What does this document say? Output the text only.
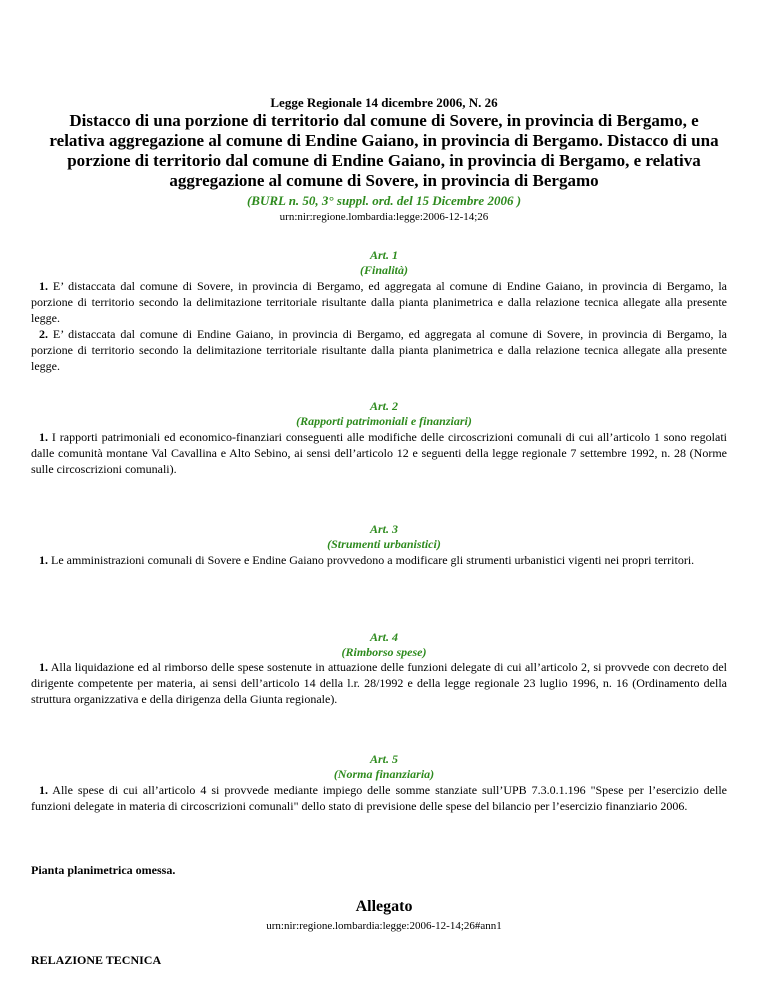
Legge Regionale 14 dicembre 2006, N. 26
Distacco di una porzione di territorio dal comune di Sovere, in provincia di Bergamo, e relativa aggregazione al comune di Endine Gaiano, in provincia di Bergamo. Distacco di una porzione di territorio dal comune di Endine Gaiano, in provincia di Bergamo, e relativa aggregazione al comune di Sovere, in provincia di Bergamo
(BURL n. 50, 3° suppl. ord. del 15 Dicembre 2006 )
urn:nir:regione.lombardia:legge:2006-12-14;26
Art. 1
(Finalità)

1. E’ distaccata dal comune di Sovere, in provincia di Bergamo, ed aggregata al comune di Endine Gaiano, in provincia di Bergamo, la porzione di territorio secondo la delimitazione territoriale risultante dalla pianta planimetrica e dalla relazione tecnica allegate alla presente legge.

2. E’ distaccata dal comune di Endine Gaiano, in provincia di Bergamo, ed aggregata al comune di Sovere, in provincia di Bergamo, la porzione di territorio secondo la delimitazione territoriale risultante dalla pianta planimetrica e dalla relazione tecnica allegate alla presente legge.

Art. 2
(Rapporti patrimoniali e finanziari)

1. I rapporti patrimoniali ed economico-finanziari conseguenti alle modifiche delle circoscrizioni comunali di cui all’articolo 1 sono regolati dalle comunità montane Val Cavallina e Alto Sebino, ai sensi dell’articolo 12 e seguenti della legge regionale 7 settembre 1992, n. 28 (Norme sulle circoscrizioni comunali).

Art. 3
(Strumenti urbanistici)

1. Le amministrazioni comunali di Sovere e Endine Gaiano provvedono a modificare gli strumenti urbanistici vigenti nei propri territori.

Art. 4
(Rimborso spese)

1. Alla liquidazione ed al rimborso delle spese sostenute in attuazione delle funzioni delegate di cui all’articolo 2, si provvede con decreto del dirigente competente per materia, ai sensi dell’articolo 14 della l.r. 28/1992 e della legge regionale 23 luglio 1996, n. 16 (Ordinamento della struttura organizzativa e della dirigenza della Giunta regionale).

Art. 5
(Norma finanziaria)

1. Alle spese di cui all’articolo 4 si provvede mediante impiego delle somme stanziate sull’UPB 7.3.0.1.196 "Spese per l’esercizio delle funzioni delegate in materia di circoscrizioni comunali" dello stato di previsione delle spese del bilancio per l’esercizio finanziario 2006.

Pianta planimetrica omessa.
Allegato
urn:nir:regione.lombardia:legge:2006-12-14;26#ann1
RELAZIONE TECNICA
